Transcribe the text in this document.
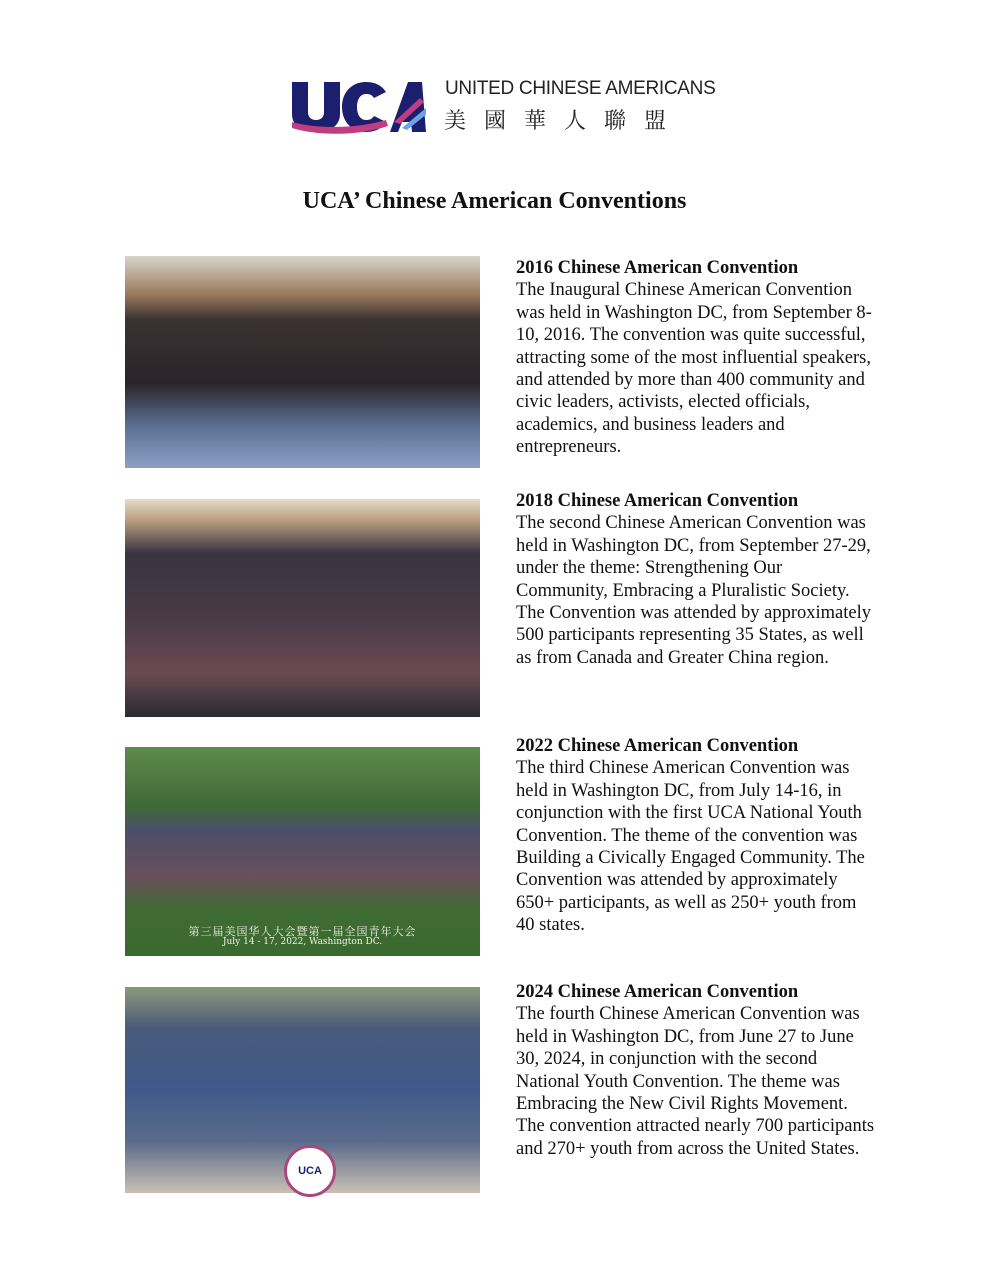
UNITED CHINESE AMERICANS
美國華人聯盟
UCA’ Chinese American Conventions
2016 Chinese American Convention
The Inaugural Chinese American Convention was held in Washington DC, from September 8-10, 2016. The convention was quite successful, attracting some of the most influential speakers, and attended by more than 400 community and civic leaders, activists, elected officials, academics, and business leaders and entrepreneurs.
2018 Chinese American Convention
The second Chinese American Convention was held in Washington DC, from September 27-29, under the theme: Strengthening Our Community, Embracing a Pluralistic Society. The Convention was attended by approximately 500 participants representing 35 States, as well as from Canada and Greater China region.
第三届美国华人大会暨第一届全国青年大会
July 14 - 17, 2022, Washington DC.
2022 Chinese American Convention
The third Chinese American Convention was held in Washington DC, from July 14-16, in conjunction with the first UCA National Youth Convention. The theme of the convention was Building a Civically Engaged Community. The Convention was attended by approximately 650+ participants, as well as 250+ youth from 40 states.
UCA
2024 Chinese American Convention
The fourth Chinese American Convention was held in Washington DC, from June 27 to June 30, 2024, in conjunction with the second National Youth Convention. The theme was Embracing the New Civil Rights Movement. The convention attracted nearly 700 participants and 270+ youth from across the United States.
